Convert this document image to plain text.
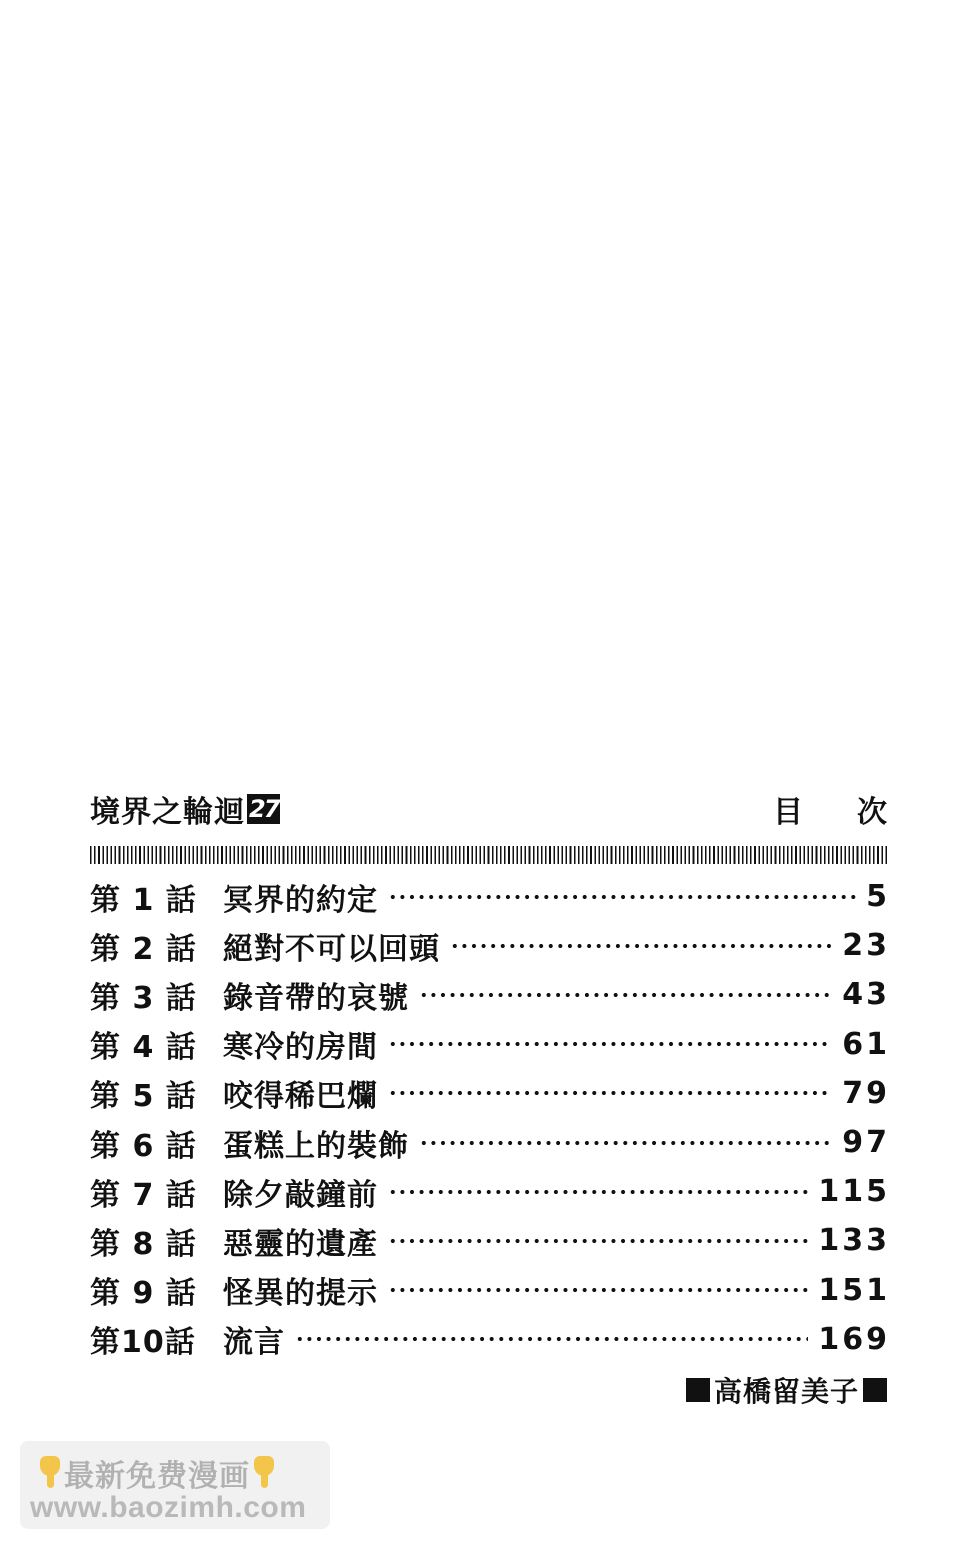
境界之輪迴 27	目次
第 1 話 冥界的約定	5
第 2 話 絕對不可以回頭	23
第 3 話 錄音帶的哀號	43
第 4 話 寒冷的房間	61
第 5 話 咬得稀巴爛	79
第 6 話 蛋糕上的裝飾	97
第 7 話 除夕敲鐘前	115
第 8 話 惡靈的遺產	133
第 9 話 怪異的提示	151
第10話 流言	169
高橋留美子
最新免费漫画
www.baozimh.com
